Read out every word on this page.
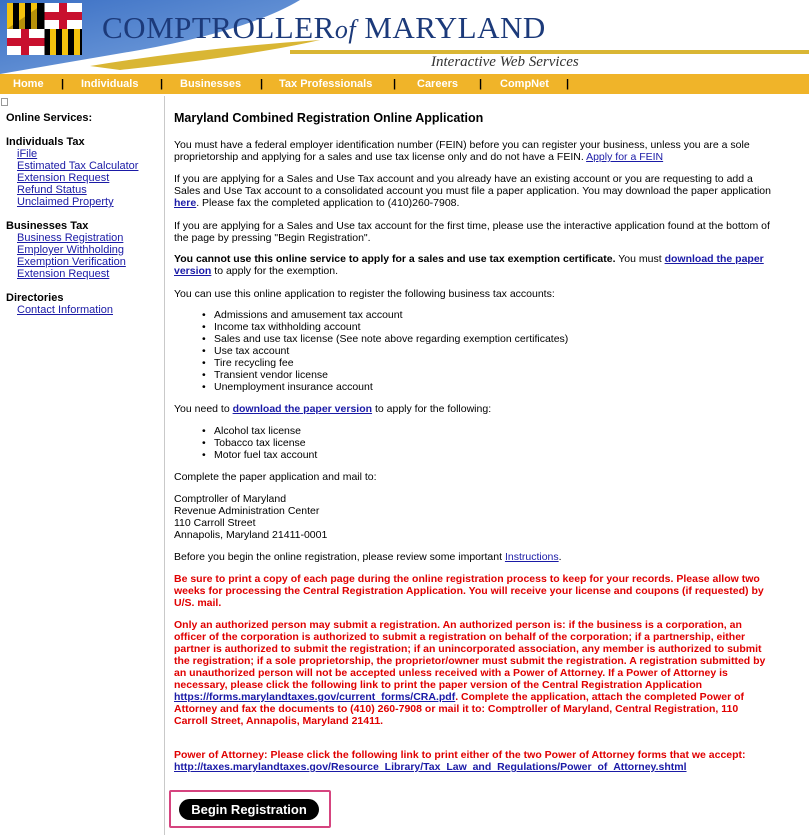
COMPTROLLERof MARYLAND
Interactive Web Services
Home | Individuals | Businesses | Tax Professionals | Careers | CompNet |
Online Services:
Individuals Tax
iFile
Estimated Tax Calculator
Extension Request
Refund Status
Unclaimed Property
Businesses Tax
Business Registration
Employer Withholding
Exemption Verification
Extension Request
Directories
Contact Information
Maryland Combined Registration Online Application

You must have a federal employer identification number (FEIN) before you can register your business, unless you are a sole proprietorship and applying for a sales and use tax license only and do not have a FEIN. Apply for a FEIN

If you are applying for a Sales and Use Tax account and you already have an existing account or you are requesting to add a Sales and Use Tax account to a consolidated account you must file a paper application. You may download the paper application here. Please fax the completed application to (410)260-7908.

If you are applying for a Sales and Use tax account for the first time, please use the interactive application found at the bottom of the page by pressing "Begin Registration".

You cannot use this online service to apply for a sales and use tax exemption certificate. You must download the paper version to apply for the exemption.

You can use this online application to register the following business tax accounts:

• Admissions and amusement tax account
• Income tax withholding account
• Sales and use tax license (See note above regarding exemption certificates)
• Use tax account
• Tire recycling fee
• Transient vendor license
• Unemployment insurance account

You need to download the paper version to apply for the following:

• Alcohol tax license
• Tobacco tax license
• Motor fuel tax account

Complete the paper application and mail to:

Comptroller of Maryland
Revenue Administration Center
110 Carroll Street
Annapolis, Maryland 21411-0001

Before you begin the online registration, please review some important Instructions.

Be sure to print a copy of each page during the online registration process to keep for your records. Please allow two weeks for processing the Central Registration Application. You will receive your license and coupons (if requested) by U/S. mail.

Only an authorized person may submit a registration. An authorized person is: if the business is a corporation, an officer of the corporation is authorized to submit a registration on behalf of the corporation; if a partnership, either partner is authorized to submit the registration; if an unincorporated association, any member is authorized to submit the registration; if a sole proprietorship, the proprietor/owner must submit the registration. A registration submitted by an unauthorized person will not be accepted unless received with a Power of Attorney. If a Power of Attorney is necessary, please click the following link to print the paper version of the Central Registration Application https://forms.marylandtaxes.gov/current_forms/CRA.pdf. Complete the application, attach the completed Power of Attorney and fax the documents to (410) 260-7908 or mail it to: Comptroller of Maryland, Central Registration, 110 Carroll Street, Annapolis, Maryland 21411.

Power of Attorney: Please click the following link to print either of the two Power of Attorney forms that we accept: http://taxes.marylandtaxes.gov/Resource_Library/Tax_Law_and_Regulations/Power_of_Attorney.shtml

Begin Registration
